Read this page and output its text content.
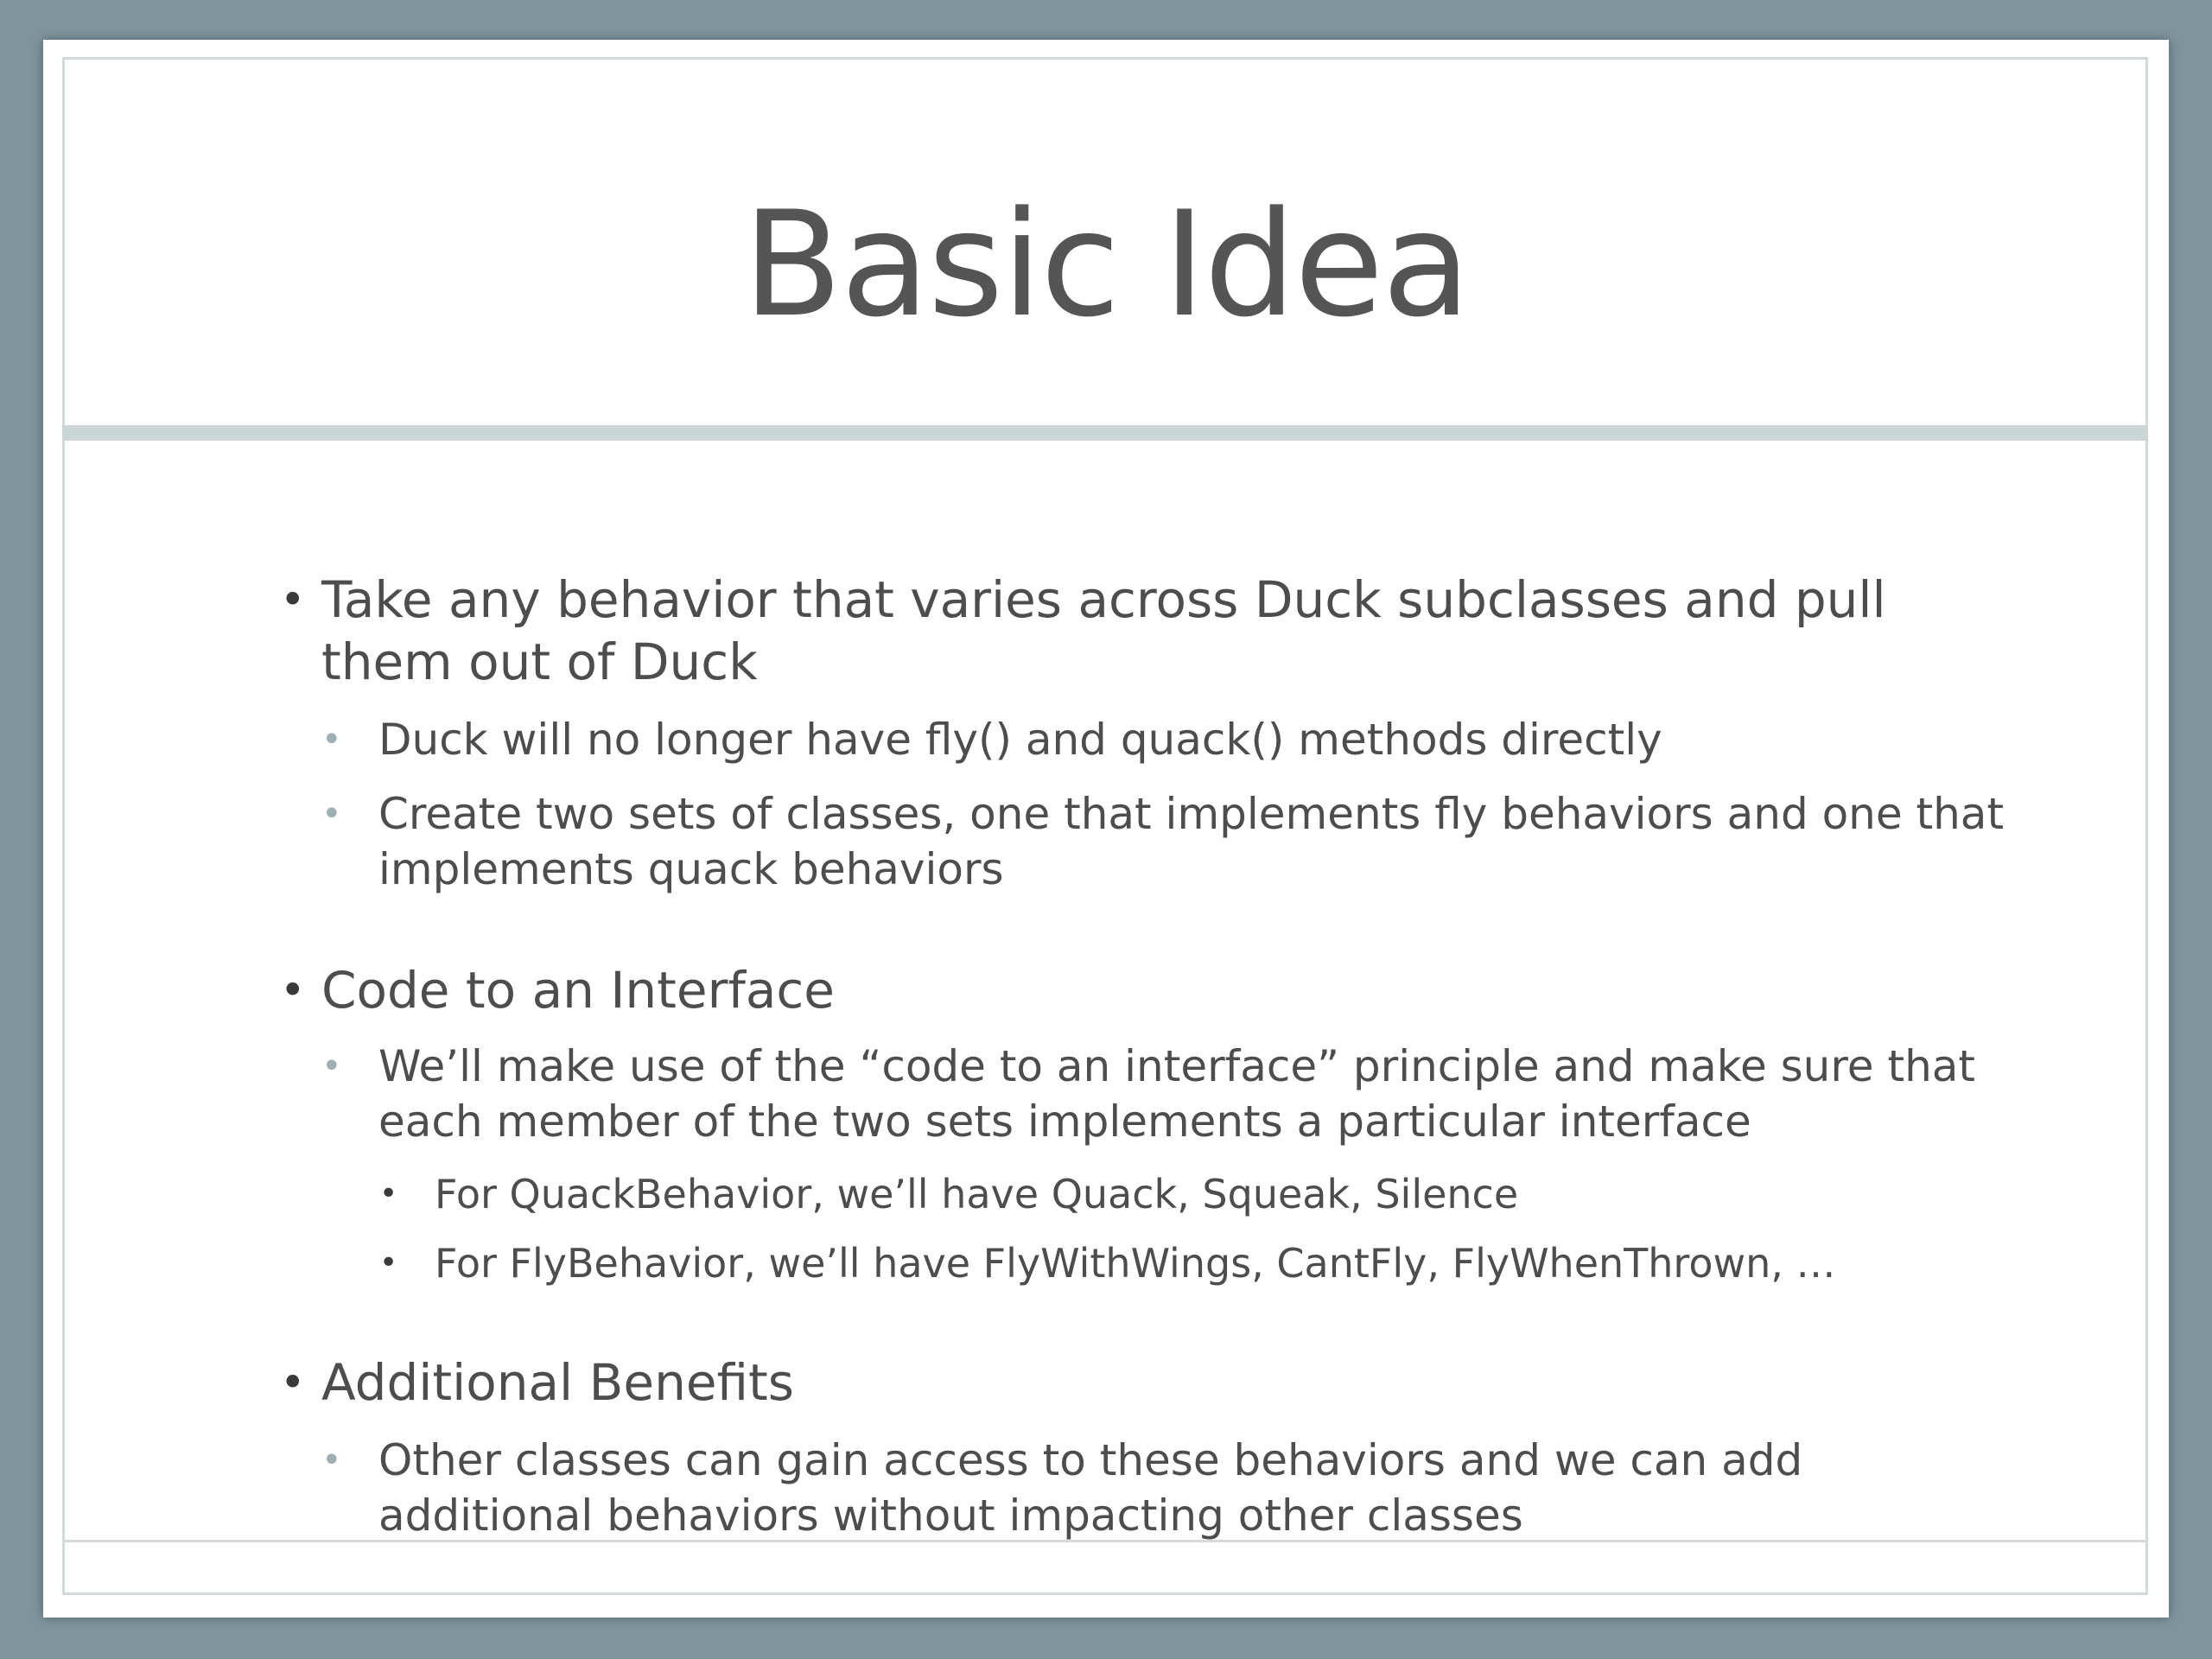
Basic Idea
• Take any behavior that varies across Duck subclasses and pull them out of Duck
• Duck will no longer have fly() and quack() methods directly
• Create two sets of classes, one that implements fly behaviors and one that implements quack behaviors
• Code to an Interface
• We’ll make use of the “code to an interface” principle and make sure that each member of the two sets implements a particular interface
• For QuackBehavior, we’ll have Quack, Squeak, Silence
• For FlyBehavior, we’ll have FlyWithWings, CantFly, FlyWhenThrown, …
• Additional Benefits
• Other classes can gain access to these behaviors and we can add additional behaviors without impacting other classes
